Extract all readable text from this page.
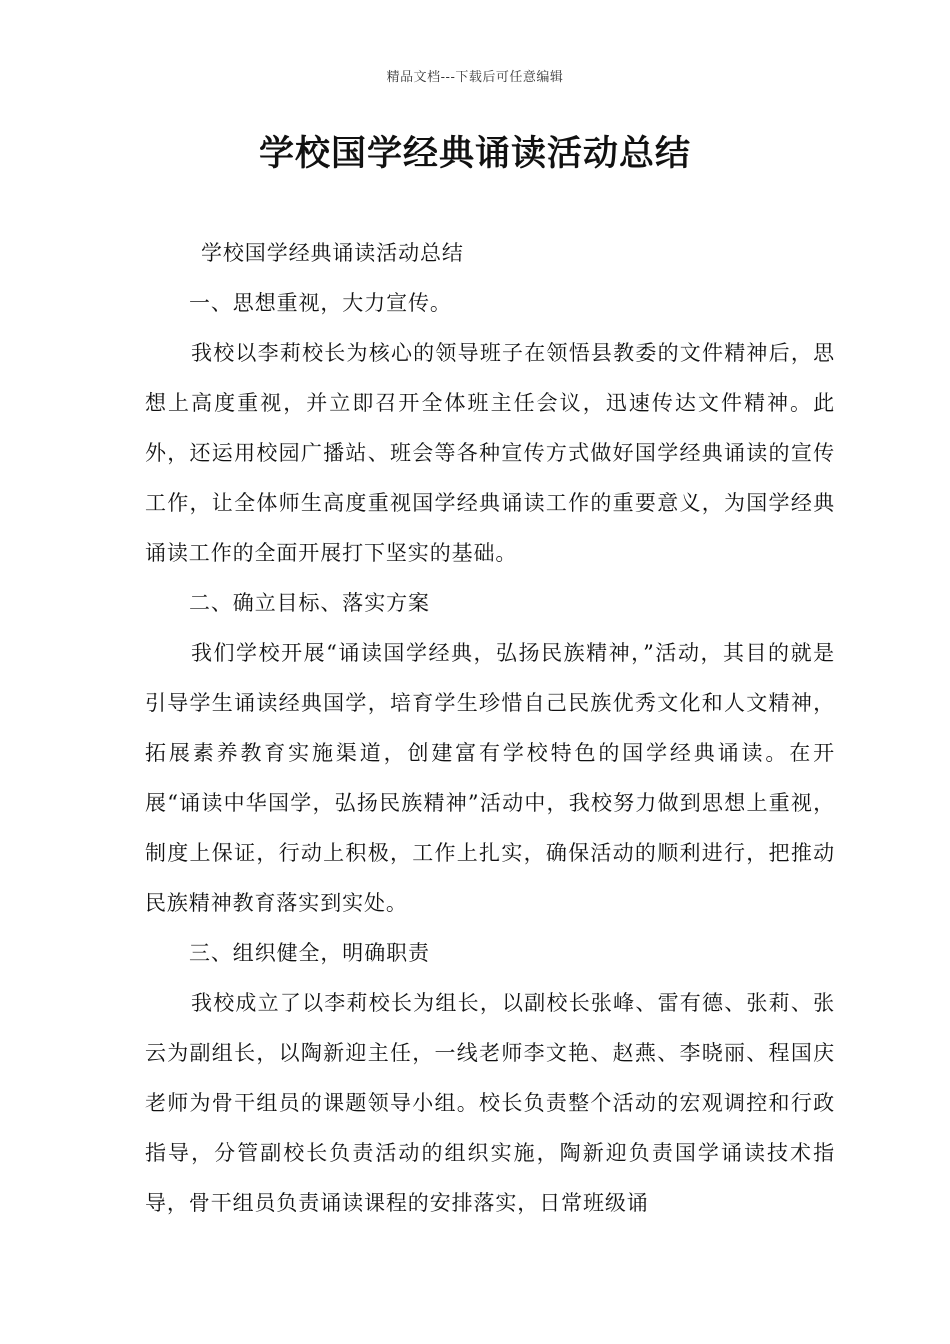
精品文档---下载后可任意编辑
学校国学经典诵读活动总结

学校国学经典诵读活动总结

一、思想重视，大力宣传。

我校以李莉校长为核心的领导班子在领悟县教委的文件精神后，思想上高度重视，并立即召开全体班主任会议，迅速传达文件精神。此外，还运用校园广播站、班会等各种宣传方式做好国学经典诵读的宣传工作，让全体师生高度重视国学经典诵读工作的重要意义，为国学经典诵读工作的全面开展打下坚实的基础。

二、确立目标、落实方案

我们学校开展“诵读国学经典，弘扬民族精神，”活动，其目的就是引导学生诵读经典国学，培育学生珍惜自己民族优秀文化和人文精神，拓展素养教育实施渠道，创建富有学校特色的国学经典诵读。在开展“诵读中华国学，弘扬民族精神”活动中，我校努力做到思想上重视，制度上保证，行动上积极，工作上扎实，确保活动的顺利进行，把推动民族精神教育落实到实处。

三、组织健全，明确职责

我校成立了以李莉校长为组长，以副校长张峰、雷有德、张莉、张云为副组长，以陶新迎主任，一线老师李文艳、赵燕、李晓丽、程国庆老师为骨干组员的课题领导小组。校长负责整个活动的宏观调控和行政指导，分管副校长负责活动的组织实施，陶新迎负责国学诵读技术指导，骨干组员负责诵读课程的安排落实，日常班级诵
